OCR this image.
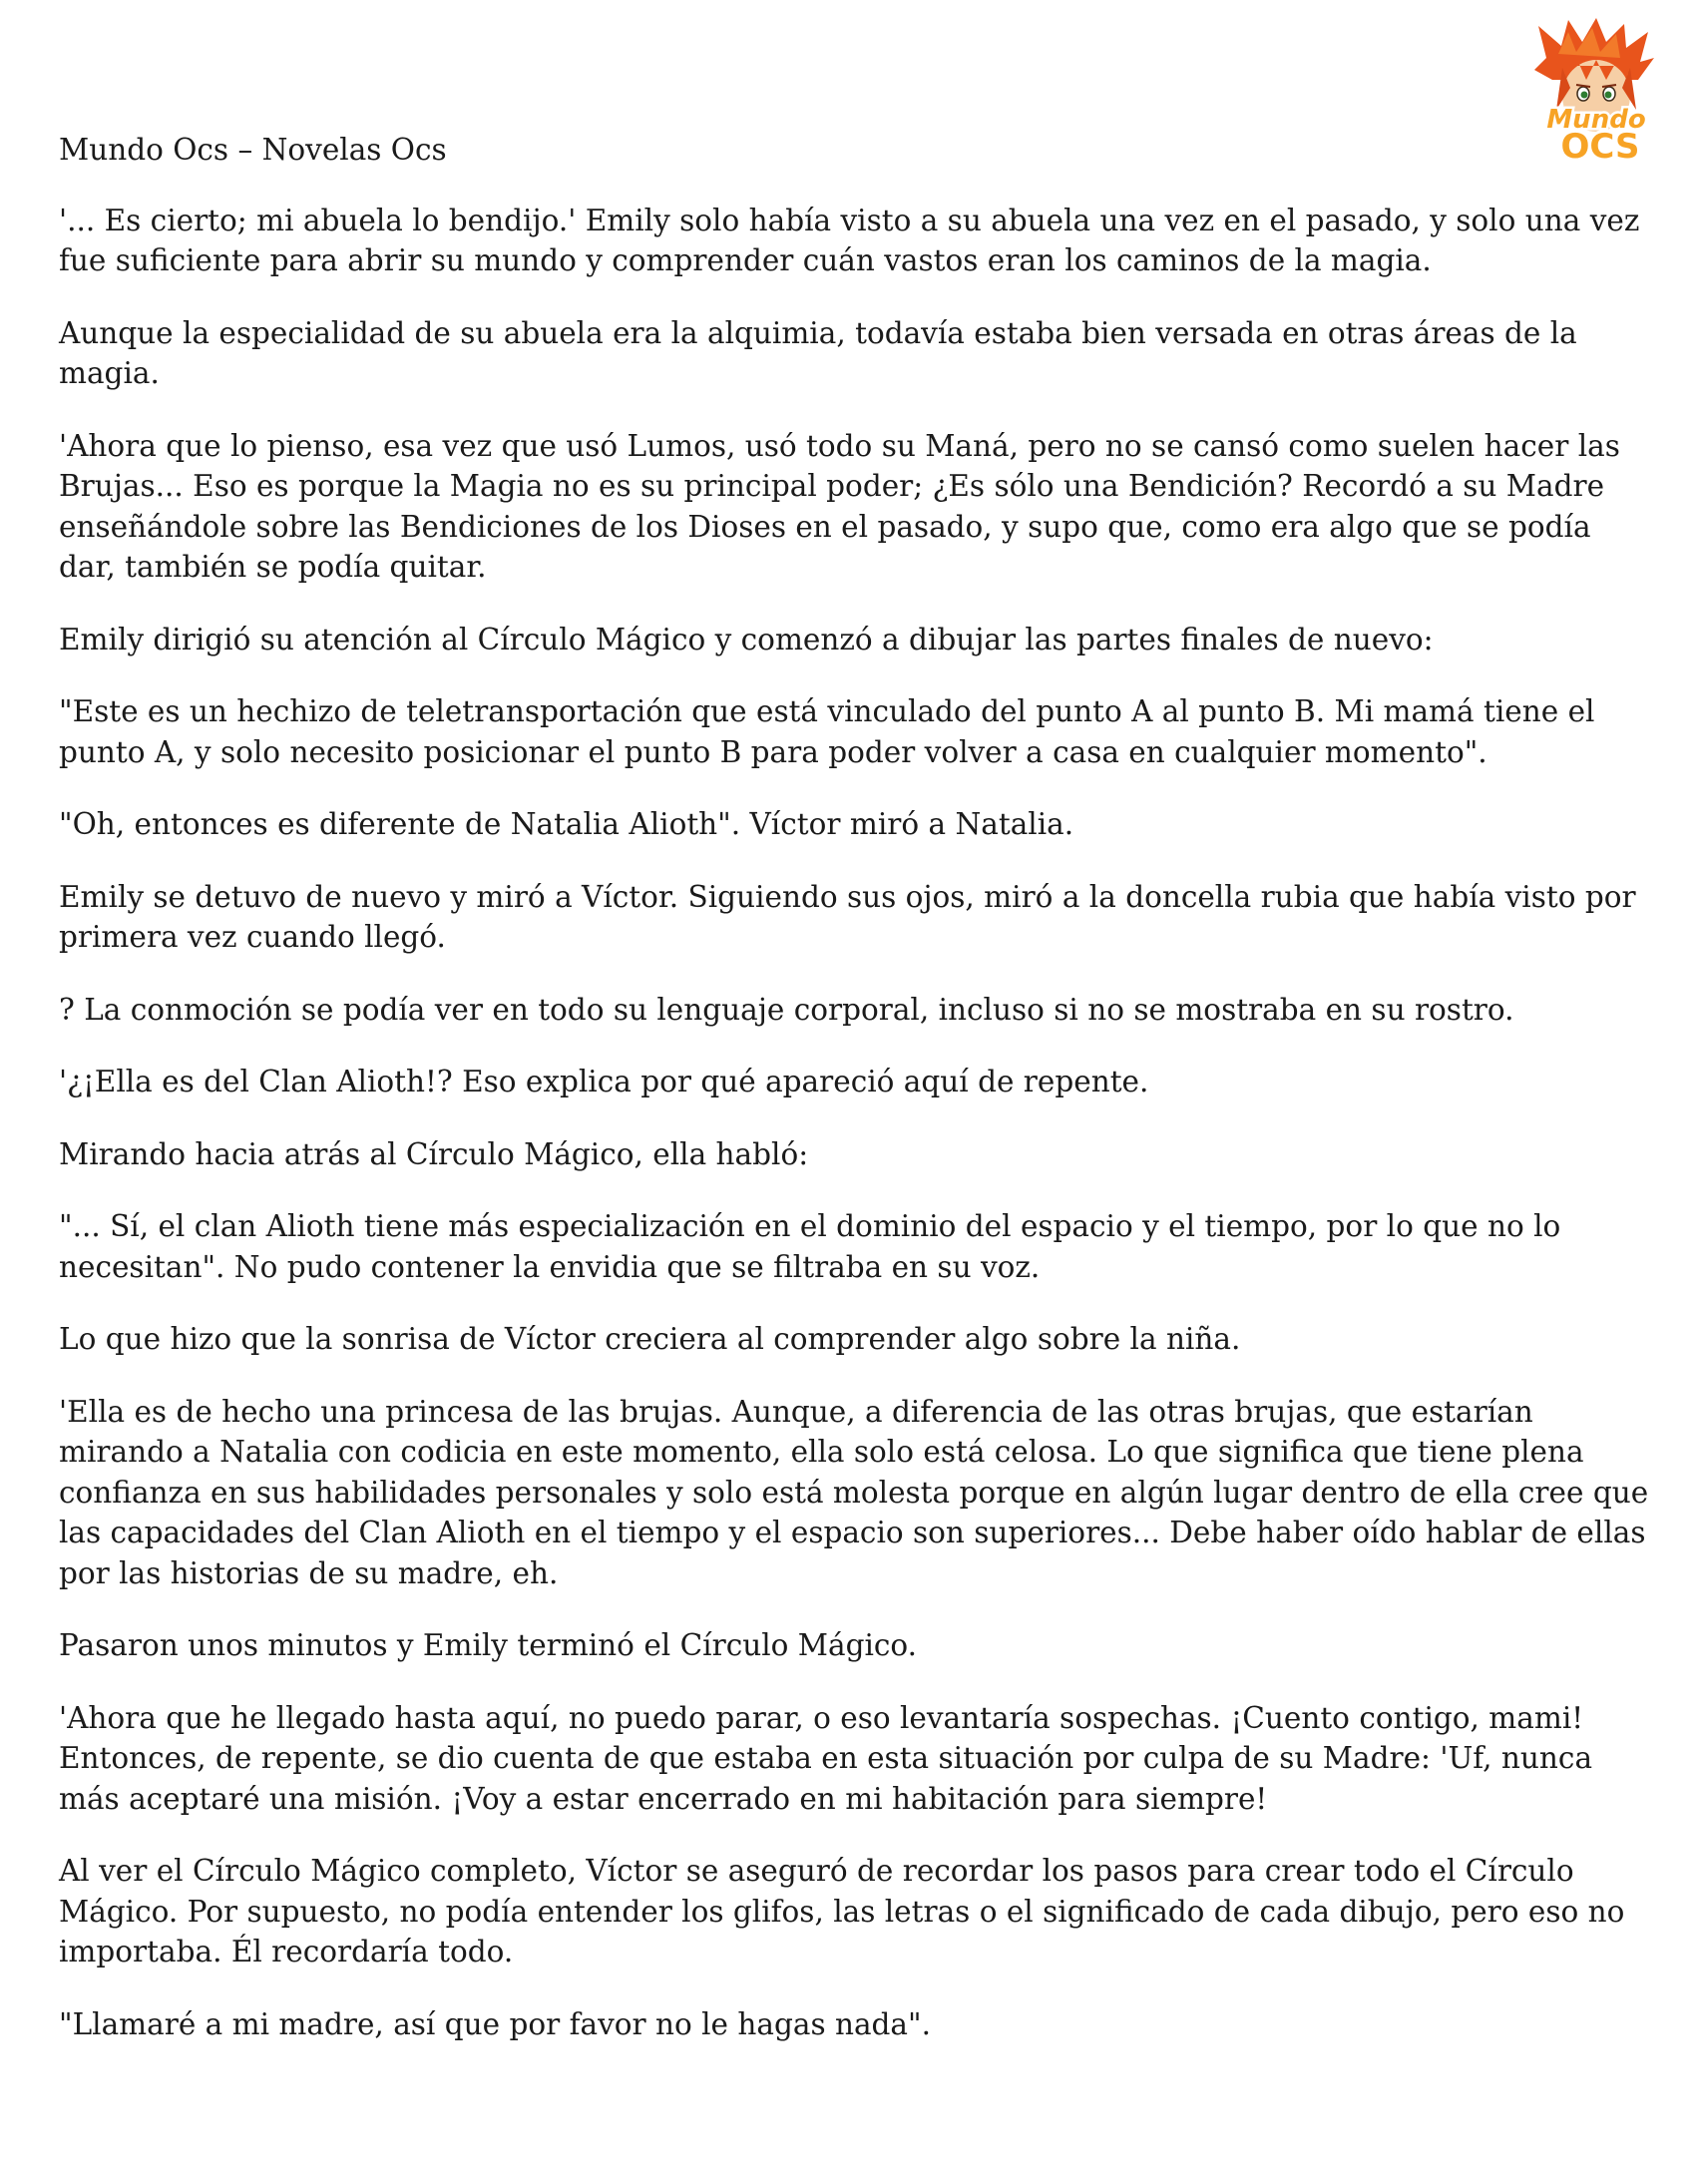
Mundo
OCS

Mundo Ocs – Novelas Ocs

'... Es cierto; mi abuela lo bendijo.' Emily solo había visto a su abuela una vez en el pasado, y solo una vez fue suficiente para abrir su mundo y comprender cuán vastos eran los caminos de la magia.

Aunque la especialidad de su abuela era la alquimia, todavía estaba bien versada en otras áreas de la magia.

'Ahora que lo pienso, esa vez que usó Lumos, usó todo su Maná, pero no se cansó como suelen hacer las Brujas... Eso es porque la Magia no es su principal poder; ¿Es sólo una Bendición? Recordó a su Madre enseñándole sobre las Bendiciones de los Dioses en el pasado, y supo que, como era algo que se podía dar, también se podía quitar.

Emily dirigió su atención al Círculo Mágico y comenzó a dibujar las partes finales de nuevo:

"Este es un hechizo de teletransportación que está vinculado del punto A al punto B. Mi mamá tiene el punto A, y solo necesito posicionar el punto B para poder volver a casa en cualquier momento".

"Oh, entonces es diferente de Natalia Alioth". Víctor miró a Natalia.

Emily se detuvo de nuevo y miró a Víctor. Siguiendo sus ojos, miró a la doncella rubia que había visto por primera vez cuando llegó.

? La conmoción se podía ver en todo su lenguaje corporal, incluso si no se mostraba en su rostro.

'¿¡Ella es del Clan Alioth!? Eso explica por qué apareció aquí de repente.

Mirando hacia atrás al Círculo Mágico, ella habló:

"... Sí, el clan Alioth tiene más especialización en el dominio del espacio y el tiempo, por lo que no lo necesitan". No pudo contener la envidia que se filtraba en su voz.

Lo que hizo que la sonrisa de Víctor creciera al comprender algo sobre la niña.

'Ella es de hecho una princesa de las brujas. Aunque, a diferencia de las otras brujas, que estarían mirando a Natalia con codicia en este momento, ella solo está celosa. Lo que significa que tiene plena confianza en sus habilidades personales y solo está molesta porque en algún lugar dentro de ella cree que las capacidades del Clan Alioth en el tiempo y el espacio son superiores... Debe haber oído hablar de ellas por las historias de su madre, eh.

Pasaron unos minutos y Emily terminó el Círculo Mágico.

'Ahora que he llegado hasta aquí, no puedo parar, o eso levantaría sospechas. ¡Cuento contigo, mami! Entonces, de repente, se dio cuenta de que estaba en esta situación por culpa de su Madre: 'Uf, nunca más aceptaré una misión. ¡Voy a estar encerrado en mi habitación para siempre!

Al ver el Círculo Mágico completo, Víctor se aseguró de recordar los pasos para crear todo el Círculo Mágico. Por supuesto, no podía entender los glifos, las letras o el significado de cada dibujo, pero eso no importaba. Él recordaría todo.

"Llamaré a mi madre, así que por favor no le hagas nada".
